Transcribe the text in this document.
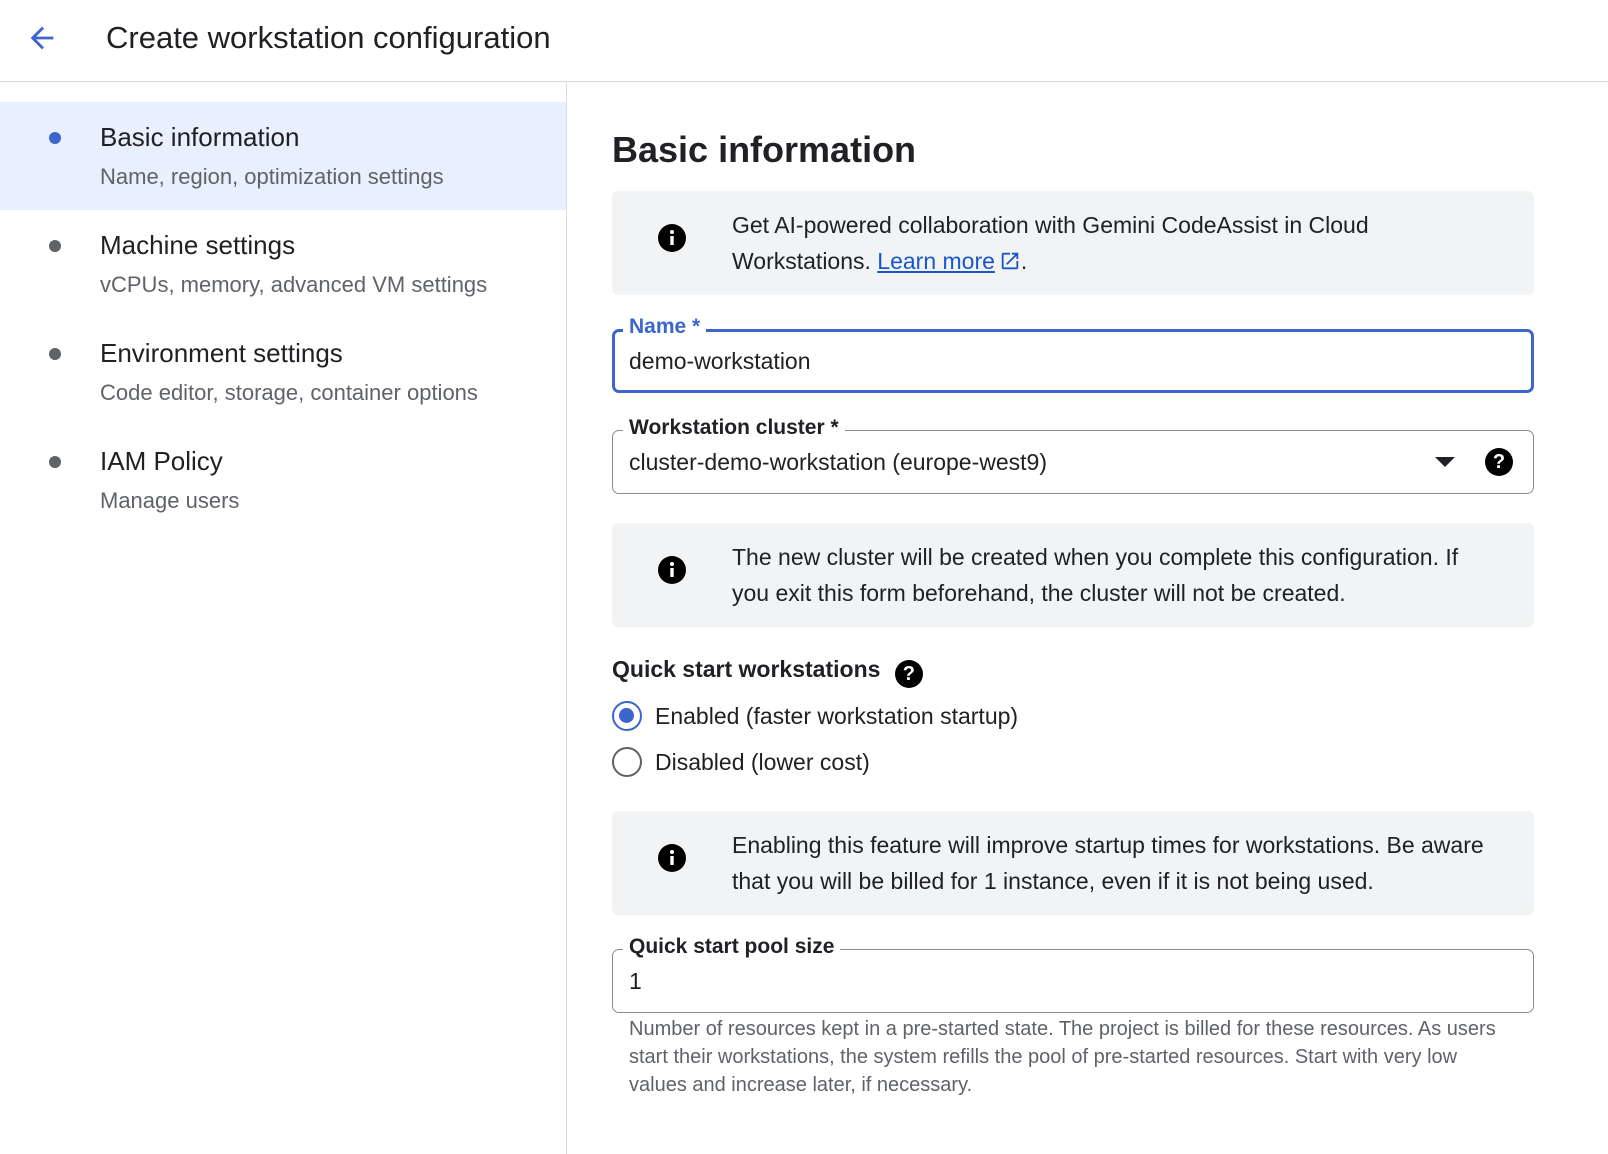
Create workstation configuration
Basic information
Name, region, optimization settings
Machine settings
vCPUs, memory, advanced VM settings
Environment settings
Code editor, storage, container options
IAM Policy
Manage users
Basic information
Get AI-powered collaboration with Gemini CodeAssist in Cloud Workstations. Learn more .
Name *
demo-workstation
Workstation cluster *
cluster-demo-workstation (europe-west9)	?
The new cluster will be created when you complete this configuration. If you exit this form beforehand, the cluster will not be created.
Quick start workstations ?
Enabled (faster workstation startup)
Disabled (lower cost)
Enabling this feature will improve startup times for workstations. Be aware that you will be billed for 1 instance, even if it is not being used.
Quick start pool size
1
Number of resources kept in a pre-started state. The project is billed for these resources. As users start their workstations, the system refills the pool of pre-started resources. Start with very low values and increase later, if necessary.
